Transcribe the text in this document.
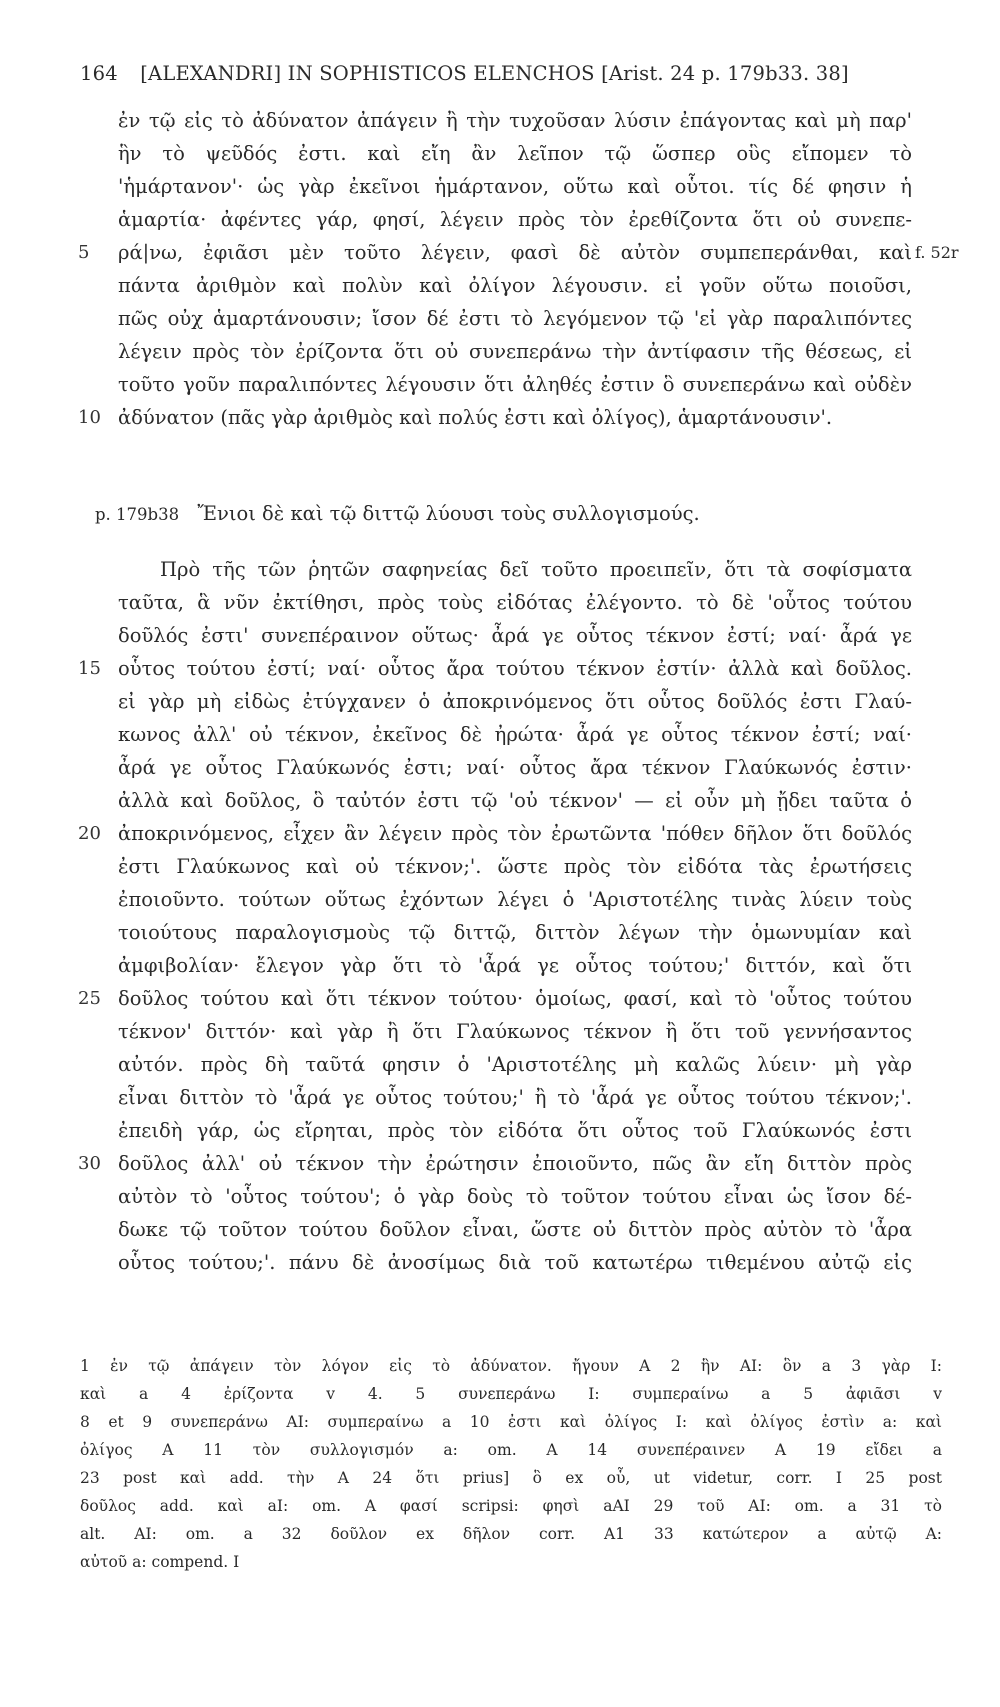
164 [ALEXANDRI] IN SOPHISTICOS ELENCHOS [Arist. 24 p. 179b33. 38]
ἐν τῷ εἰς τὸ ἀδύνατον ἀπάγειν ἢ τὴν τυχοῦσαν λύσιν ἐπάγοντας καὶ μὴ παρ'
ἣν τὸ ψεῦδός ἐστι. καὶ εἴη ἂν λεῖπον τῷ ὥσπερ οὓς εἴπομεν τὸ
'ἡμάρτανον'· ὡς γὰρ ἐκεῖνοι ἡμάρτανον, οὕτω καὶ οὗτοι. τίς δέ φησιν ἡ
ἁμαρτία· ἀφέντες γάρ, φησί, λέγειν πρὸς τὸν ἐρεθίζοντα ὅτι οὐ συνεπε-
ρά|νω, ἐφιᾶσι μὲν τοῦτο λέγειν, φασὶ δὲ αὐτὸν συμπεπεράνθαι, καὶ
πάντα ἀριθμὸν καὶ πολὺν καὶ ὀλίγον λέγουσιν. εἰ γοῦν οὕτω ποιοῦσι,
πῶς οὐχ ἁμαρτάνουσιν; ἴσον δέ ἐστι τὸ λεγόμενον τῷ 'εἰ γὰρ παραλιπόντες
λέγειν πρὸς τὸν ἐρίζοντα ὅτι οὐ συνεπεράνω τὴν ἀντίφασιν τῆς θέσεως, εἰ
τοῦτο γοῦν παραλιπόντες λέγουσιν ὅτι ἀληθές ἐστιν ὃ συνεπεράνω καὶ οὐδὲν
ἀδύνατον (πᾶς γὰρ ἀριθμὸς καὶ πολύς ἐστι καὶ ὀλίγος), ἁμαρτάνουσιν'.
5
10
f. 52r
p. 179b38 Ἔνιοι δὲ καὶ τῷ διττῷ λύουσι τοὺς συλλογισμούς.
Πρὸ τῆς τῶν ῥητῶν σαφηνείας δεῖ τοῦτο προειπεῖν, ὅτι τὰ σοφίσματα
ταῦτα, ἃ νῦν ἐκτίθησι, πρὸς τοὺς εἰδότας ἐλέγοντο. τὸ δὲ 'οὗτος τούτου
δοῦλός ἐστι' συνεπέραινον οὕτως· ἆρά γε οὗτος τέκνον ἐστί; ναί· ἆρά γε
οὗτος τούτου ἐστί; ναί· οὗτος ἄρα τούτου τέκνον ἐστίν· ἀλλὰ καὶ δοῦλος.
εἰ γὰρ μὴ εἰδὼς ἐτύγχανεν ὁ ἀποκρινόμενος ὅτι οὗτος δοῦλός ἐστι Γλαύ-
κωνος ἀλλ' οὐ τέκνον, ἐκεῖνος δὲ ἠρώτα· ἆρά γε οὗτος τέκνον ἐστί; ναί·
ἆρά γε οὗτος Γλαύκωνός ἐστι; ναί· οὗτος ἄρα τέκνον Γλαύκωνός ἐστιν·
ἀλλὰ καὶ δοῦλος, ὃ ταὐτόν ἐστι τῷ 'οὐ τέκνον' — εἰ οὖν μὴ ᾔδει ταῦτα ὁ
ἀποκρινόμενος, εἶχεν ἂν λέγειν πρὸς τὸν ἐρωτῶντα 'πόθεν δῆλον ὅτι δοῦλός
ἐστι Γλαύκωνος καὶ οὐ τέκνον;'. ὥστε πρὸς τὸν εἰδότα τὰς ἐρωτήσεις
ἐποιοῦντο. τούτων οὕτως ἐχόντων λέγει ὁ 'Αριστοτέλης τινὰς λύειν τοὺς
τοιούτους παραλογισμοὺς τῷ διττῷ, διττὸν λέγων τὴν ὁμωνυμίαν καὶ
ἀμφιβολίαν· ἔλεγον γὰρ ὅτι τὸ 'ἆρά γε οὗτος τούτου;' διττόν, καὶ ὅτι
δοῦλος τούτου καὶ ὅτι τέκνον τούτου· ὁμοίως, φασί, καὶ τὸ 'οὗτος τούτου
τέκνον' διττόν· καὶ γὰρ ἢ ὅτι Γλαύκωνος τέκνον ἢ ὅτι τοῦ γεννήσαντος
αὐτόν. πρὸς δὴ ταῦτά φησιν ὁ 'Αριστοτέλης μὴ καλῶς λύειν· μὴ γὰρ
εἶναι διττὸν τὸ 'ἆρά γε οὗτος τούτου;' ἢ τὸ 'ἆρά γε οὗτος τούτου τέκνον;'.
ἐπειδὴ γάρ, ὡς εἴρηται, πρὸς τὸν εἰδότα ὅτι οὗτος τοῦ Γλαύκωνός ἐστι
δοῦλος ἀλλ' οὐ τέκνον τὴν ἐρώτησιν ἐποιοῦντο, πῶς ἂν εἴη διττὸν πρὸς
αὐτὸν τὸ 'οὗτος τούτου'; ὁ γὰρ δοὺς τὸ τοῦτον τούτου εἶναι ὡς ἴσον δέ-
δωκε τῷ τοῦτον τούτου δοῦλον εἶναι, ὥστε οὐ διττὸν πρὸς αὐτὸν τὸ 'ἆρα
οὗτος τούτου;'. πάνυ δὲ ἀνοσίμως διὰ τοῦ κατωτέρω τιθεμένου αὐτῷ εἰς
15
20
25
30
1 ἐν τῷ ἀπάγειν τὸν λόγον εἰς τὸ ἀδύνατον. ἤγουν A 2 ἣν AI: ὃν a 3 γὰρ I:
καὶ a 4 ἐρίζοντα v 4. 5 συνεπεράνω I: συμπεραίνω a 5 ἀφιᾶσι v
8 et 9 συνεπεράνω AI: συμπεραίνω a 10 ἐστι καὶ ὀλίγος I: καὶ ὀλίγος ἐστὶν a: καὶ
ὀλίγος A 11 τὸν συλλογισμόν a: om. A 14 συνεπέραινεν A 19 εἴδει a
23 post καὶ add. τὴν A 24 ὅτι prius] ὃ ex οὗ, ut videtur, corr. I 25 post
δοῦλος add. καὶ aI: om. A φασί scripsi: φησὶ aAI 29 τοῦ AI: om. a 31 τὸ
alt. AI: om. a 32 δοῦλον ex δῆλον corr. A1 33 κατώτερον a αὐτῷ A:
αὐτοῦ a: compend. I
